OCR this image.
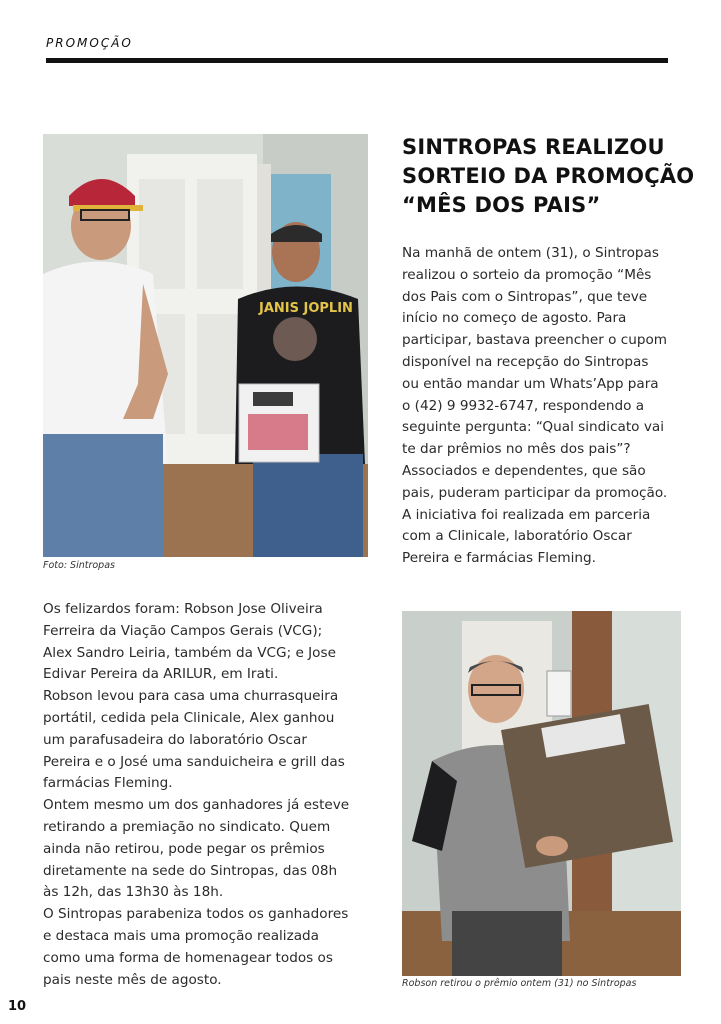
PROMOÇÃO
JANIS JOPLIN
Foto: Sintropas
SINTROPAS REALIZOU
SORTEIO DA PROMOÇÃO
“MÊS DOS PAIS”
Na manhã de ontem (31), o Sintropas
realizou o sorteio da promoção “Mês
dos Pais com o Sintropas”, que teve
início no começo de agosto. Para
participar, bastava preencher o cupom
disponível na recepção do Sintropas
ou então mandar um Whats’App para
o (42) 9 9932-6747, respondendo a
seguinte pergunta: “Qual sindicato vai
te dar prêmios no mês dos pais”?
Associados e dependentes, que são
pais, puderam participar da promoção.
A iniciativa foi realizada em parceria
com a Clinicale, laboratório Oscar
Pereira e farmácias Fleming.
Os felizardos foram: Robson Jose Oliveira
Ferreira da Viação Campos Gerais (VCG);
Alex Sandro Leiria, também da VCG; e Jose
Edivar Pereira da ARILUR, em Irati.
Robson levou para casa uma churrasqueira
portátil, cedida pela Clinicale, Alex ganhou
um parafusadeira do laboratório Oscar
Pereira e o José uma sanduicheira e grill das
farmácias Fleming.
Ontem mesmo um dos ganhadores já esteve
retirando a premiação no sindicato. Quem
ainda não retirou, pode pegar os prêmios
diretamente na sede do Sintropas, das 08h
às 12h, das 13h30 às 18h.
O Sintropas parabeniza todos os ganhadores
e destaca mais uma promoção realizada
como uma forma de homenagear todos os
pais neste mês de agosto.	Robson retirou o prêmio ontem (31) no Sintropas
10
